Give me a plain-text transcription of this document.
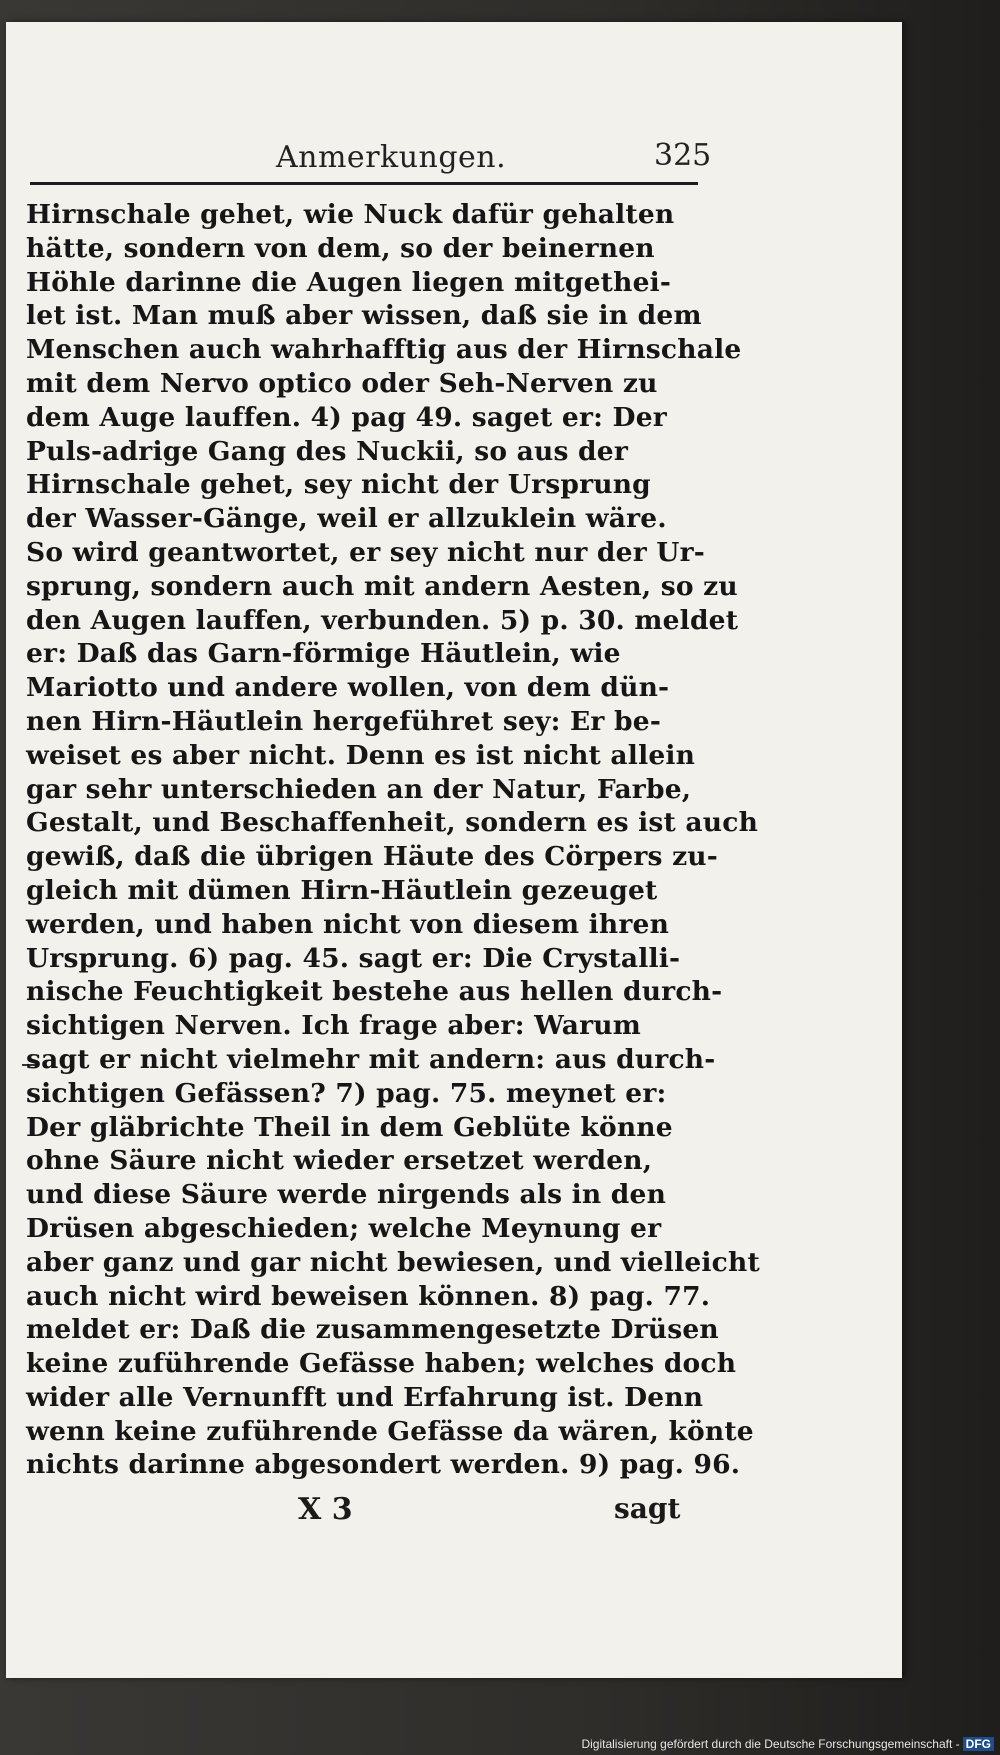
Anmerkungen.	325
Hirnschale gehet, wie Nuck dafür gehalten
hätte, sondern von dem, so der beinernen
Höhle darinne die Augen liegen mitgethei-
let ist. Man muß aber wissen, daß sie in dem
Menschen auch wahrhafftig aus der Hirnschale
mit dem Nervo optico oder Seh-Nerven zu
dem Auge lauffen. 4) pag 49. saget er: Der
Puls-adrige Gang des Nuckii, so aus der
Hirnschale gehet, sey nicht der Ursprung
der Wasser-Gänge, weil er allzuklein wäre.
So wird geantwortet, er sey nicht nur der Ur-
sprung, sondern auch mit andern Aesten, so zu
den Augen lauffen, verbunden. 5) p. 30. meldet
er: Daß das Garn-förmige Häutlein, wie
Mariotto und andere wollen, von dem dün-
nen Hirn-Häutlein hergeführet sey: Er be-
weiset es aber nicht. Denn es ist nicht allein
gar sehr unterschieden an der Natur, Farbe,
Gestalt, und Beschaffenheit, sondern es ist auch
gewiß, daß die übrigen Häute des Cörpers zu-
gleich mit dümen Hirn-Häutlein gezeuget
werden, und haben nicht von diesem ihren
Ursprung. 6) pag. 45. sagt er: Die Crystalli-
nische Feuchtigkeit bestehe aus hellen durch-
sichtigen Nerven. Ich frage aber: Warum
sagt er nicht vielmehr mit andern: aus durch-
sichtigen Gefässen? 7) pag. 75. meynet er:
Der gläbrichte Theil in dem Geblüte könne
ohne Säure nicht wieder ersetzet werden,
und diese Säure werde nirgends als in den
Drüsen abgeschieden; welche Meynung er
aber ganz und gar nicht bewiesen, und vielleicht
auch nicht wird beweisen können. 8) pag. 77.
meldet er: Daß die zusammengesetzte Drüsen
keine zuführende Gefässe haben; welches doch
wider alle Vernunfft und Erfahrung ist. Denn
wenn keine zuführende Gefässe da wären, könte
nichts darinne abgesondert werden. 9) pag. 96.
X 3	sagt
Digitalisierung gefördert durch die Deutsche Forschungsgemeinschaft - DFG
